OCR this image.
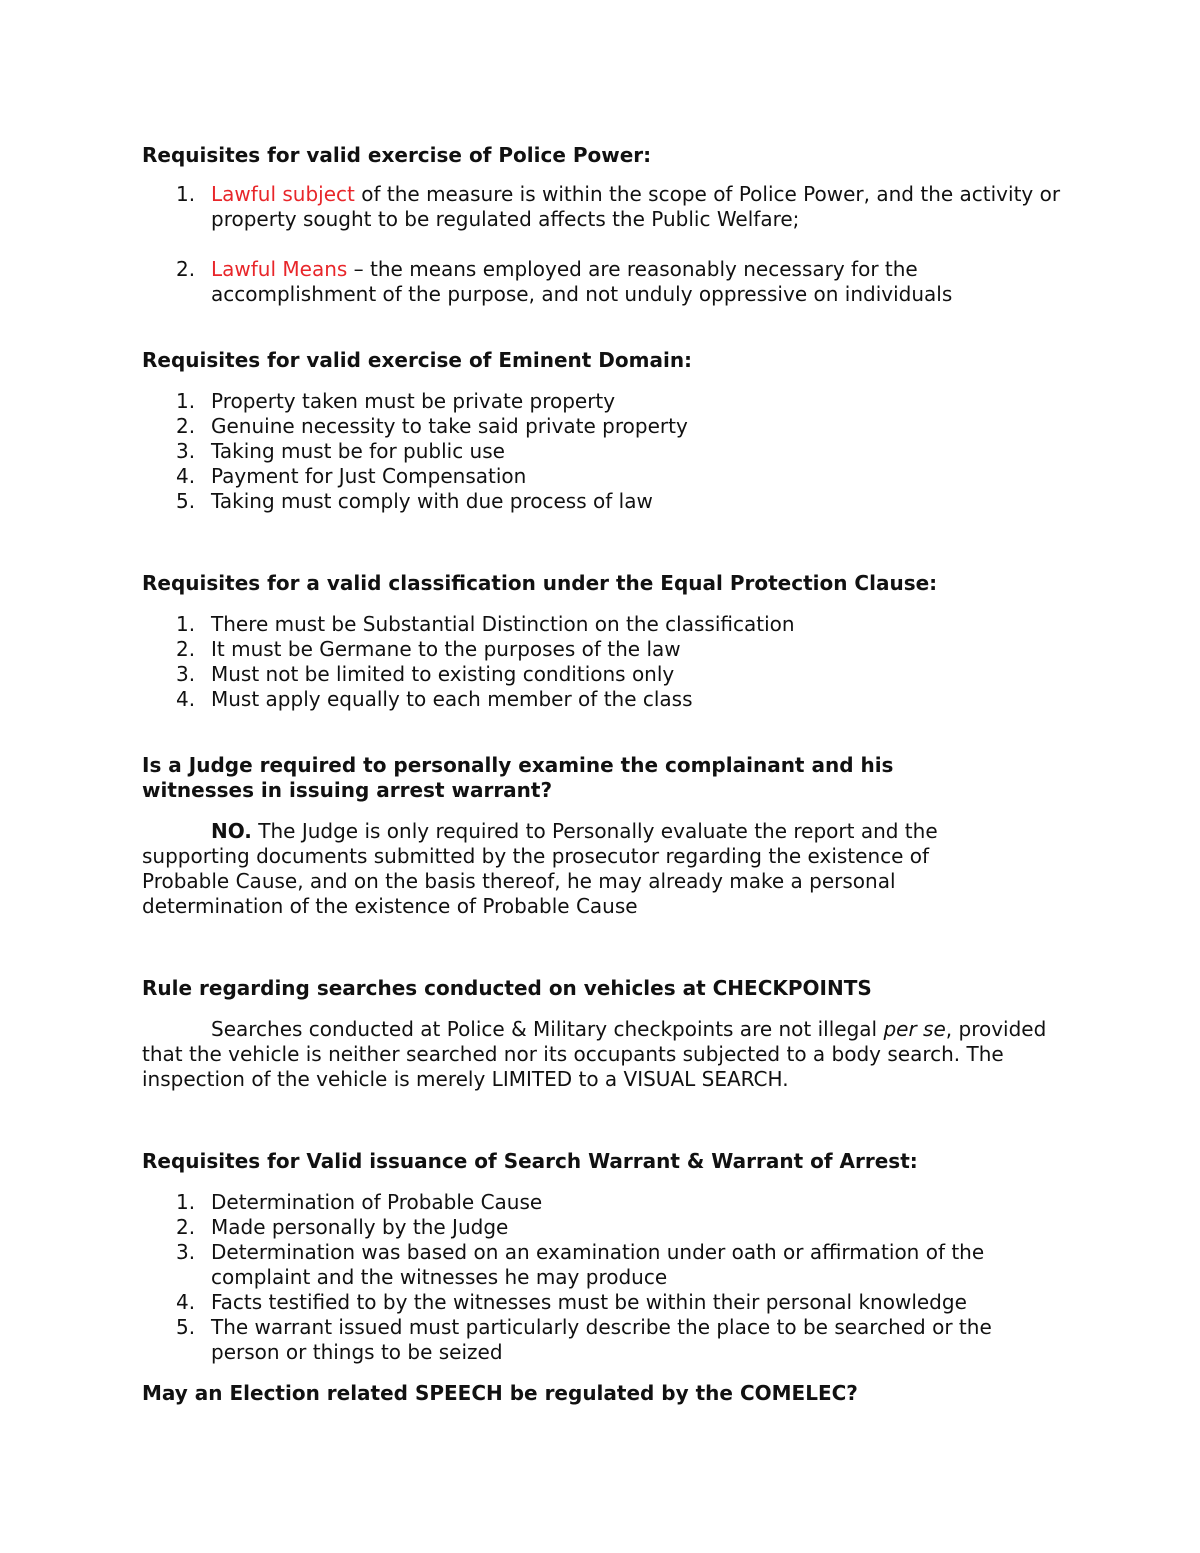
Requisites for valid exercise of Police Power:
1. Lawful subject of the measure is within the scope of Police Power, and the activity or property sought to be regulated affects the Public Welfare;
2. Lawful Means – the means employed are reasonably necessary for the accomplishment of the purpose, and not unduly oppressive on individuals
Requisites for valid exercise of Eminent Domain:
1. Property taken must be private property
2. Genuine necessity to take said private property
3. Taking must be for public use
4. Payment for Just Compensation
5. Taking must comply with due process of law
Requisites for a valid classification under the Equal Protection Clause:
1. There must be Substantial Distinction on the classification
2. It must be Germane to the purposes of the law
3. Must not be limited to existing conditions only
4. Must apply equally to each member of the class
Is a Judge required to personally examine the complainant and his witnesses in issuing arrest warrant?

NO. The Judge is only required to Personally evaluate the report and the supporting documents submitted by the prosecutor regarding the existence of Probable Cause, and on the basis thereof, he may already make a personal determination of the existence of Probable Cause

Rule regarding searches conducted on vehicles at CHECKPOINTS

Searches conducted at Police & Military checkpoints are not illegal per se, provided that the vehicle is neither searched nor its occupants subjected to a body search. The inspection of the vehicle is merely LIMITED to a VISUAL SEARCH.

Requisites for Valid issuance of Search Warrant & Warrant of Arrest:
1. Determination of Probable Cause
2. Made personally by the Judge
3. Determination was based on an examination under oath or affirmation of the complaint and the witnesses he may produce
4. Facts testified to by the witnesses must be within their personal knowledge
5. The warrant issued must particularly describe the place to be searched or the person or things to be seized
May an Election related SPEECH be regulated by the COMELEC?
